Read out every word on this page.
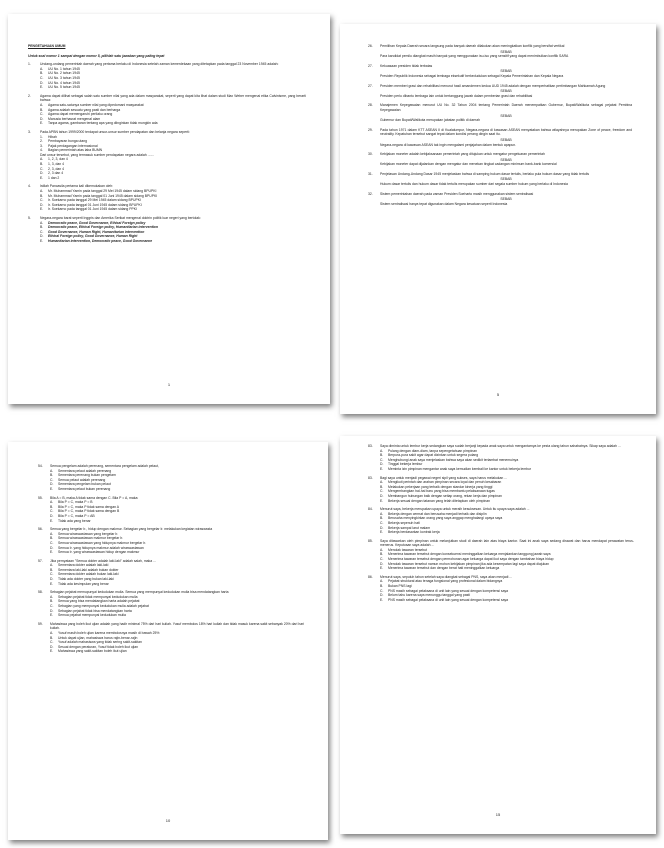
PENGETAHUAN UMUM
Untuk soal nomor 1 sampai dengan nomor 5, pilihlah satu jawaban yang paling tepat
1.	Undang-undang pemerintah daerah yang pertama berlaku di Indonesia setelah zaman kemerdekaan yang ditetapkan pada tanggal 23 November 1945 adalah:
A.	UU No. 1 tahun 1945
B.	UU No. 2 tahun 1945
C.	UU No. 3 tahun 1945
D.	UU No. 4 tahun 1945
E.	UU No. 5 tahun 1945
2.	Agama dapat dilihat sebagai salah satu sumber nilai yang ada dalam masyarakat, seperti yang dapat kita lihat dalam studi Max Weber mengenai etika Calvinisme, yang berarti bahwa:
A.	Agama satu-satunya sumber nilai yang dipedomani masyarakat
B.	Agama adalah sesuatu yang pasti dan berharga
C.	Agama dapat memengaruhi perilaku orang
D.	Manusia berhasrat mengenal alam
E.	Tanpa agama, gambaran tentang apa yang diinginkan tidak mungkin ada
3.	Pada APBN tahun 1999/2000 terdapat unsur-unsur sumber pendapatan dan belanja negara seperti:
1.	Hibah
2.	Pembayaran bunga utang
3.	Pajak perdagangan internasional
4.	Bagian pemerintah atas laba BUMN
Dari unsur tersebut, yang termasuk sumber pendapatan negara adalah .......
A.	1, 2, 3, dan 4
B.	1, 3, dan 4
C.	2, 3, dan 4
D.	2, 3 dan 4
E.	1 dan 2
4.	Istilah Pancasila pertama kali dikemukakan oleh:
A.	Mr. Muhammad Yamin pada tanggal 29 Mei 1945 dalam sidang BPUPKI
B.	Mr. Muhammad Yamin pada tanggal 01 Juni 1945 dalam sidang BPUPKI
C.	Ir. Soekarno pada tanggal 29 Mei 1945 dalam sidang BPUPKI
D.	Ir. Soekarno pada tanggal 01 Juni 1945 dalam sidang BPUPKI
E.	Ir. Soekarno pada tanggal 01 Juni 1945 dalam sidang PPKI
5.	Negara-negara barat seperti Inggris dan Amerika Serikat mengenal doktrin politik luar negeri yang bertolak:
A.	Democratic peace, Good Governance, Ethical Foreign policy
B.	Democratic peace, Ethical Foreign policy, Humanitarian intervention
C.	Good Governance, Human Right, Humanitarian intervention
D.	Ethical Foreign policy, Good Governance, Human Right
E.	Humanitarian intervention, Democratic peace, Good Governance
1
26.	Pemilihan Kepala Daerah secara langsung pada banyak daerah dilakukan akan meningkatkan konflik yang bersifat vertikal
SEBAB
Para kandidat pemilu diangkat masih banyak yang menggunakan isu-isu yang sensitif yang dapat menimbulkan konflik SARA
27.	Kekuasaan presiden tidak terbatas
SEBAB
Presiden Republik Indonesia sebagai lembaga eksekutif berkedudukan sebagai Kepala Pemerintahan dan Kepala Negara
27.	Presiden memberi grasi dan rehabilitasi menurut hasil amandemen kedua UUD 1945 adalah dengan memperhatikan pertimbangan Mahkamah Agung
SEBAB
Presiden perlu dibantu lembaga lain untuk bertanggung jawab dalam pemberian grasi dan rehabilitasi
28.	Manajemen Kepegawaian menurut UU No. 32 Tahun 2004 tentang Pemerintah Daerah menempatkan Gubernur, Bupati/Walikota sebagai pejabat Pembina Kepegawaian
SEBAB
Gubernur dan Bupati/Walikota merupakan jabatan politik di daerah
29.	Pada tahun 1971 dalam KTT ASEAN II di Kualalumpur, Negara-negara di kawasan ASEAN menyatakan bahwa wilayahnya merupakan Zone of peace, freedom and neutrality. Kepatuhan tersebut sangat tepat dalam kondisi perang dingin saat itu.
SEBAB
Negara-negara di kawasan ASEAN tak ingin mengalami penjajahan dalam bentuk apapun.
30.	Kebijakan moneter adalah kebijaksanaan pemerintah yang ditujukan untuk mengatur pengeluaran pemerintah
SEBAB
Kebijakan moneter dapat dijalankan dengan mengatur dan menekan tingkat cadangan minimum bank-bank komersial
31.	Penjelasan Undang-Undang Dasar 1945 menjelaskan bahwa di samping hukum dasar tertulis, berlaku pula hukum dasar yang tidak tertulis
SEBAB
Hukum dasar tertulis dan hukum dasar tidak tertulis merupakan sumber dari segala sumber hukum yang berlaku di Indonesia
32.	Sistem pemerintahan daerah pada zaman Presiden Soeharto masih menggunakan sistem sentralisasi
SEBAB
Sistem sentralisasi hanya tepat digunakan dalam Negara kesatuan seperti Indonesia
5
54.	Semua pengelam adalah perenang, sementara pengelam adalah pelaut,
A.	Sementara pelaut adalah perenang
B.	Sementara perenang bukan pengelam
C.	Semua pelaut adalah perenang
D.	Sementara pengelam bukan pelaut
E.	Sementara pelaut bukan perenang
55.	Bila A = B, maka A tidak sama dengan C. Bila P = A, maka:
A.	Bila P = C, maka P = B
B.	Bila P = C, maka P tidak sama dengan A
C.	Bila P = C, maka P tidak sama dengan B
D.	Bila P = C, maka P = AB
E.	Tidak ada yang benar
56.	Semua yang bergelar Ir., hidup dengan makmur. Sebagian yang bergelar Ir. melakukan kegiatan wiraswasta
A.	Semua wiraswastawan yang bergelar Ir.
B.	Semua wiraswastawan makmur bergelar Ir.
C.	Semua wiraswastawan yang hidupnya makmur bergelar Ir.
D.	Semua Ir. yang hidupnya makmur adalah wiraswastawan
E.	Semua Ir. yang wiraswastawan hidup dengan makmur
57.	Jika pernyataan "Semua dokter adalah laki-laki" adalah salah, maka ...
A.	Sementara dokter adalah laki-laki
B.	Sementara laki-laki adalah bukan dokter
C.	Sementara dokter adalah bukan laki-laki
D.	Tidak ada dokter yang bukan laki-laki
E.	Tidak ada kesimpulan yang benar
58.	Sebagian pejabat memupunyai kedudukan mulia. Semua yang mempunyai kedudukan mulia bisa mendatangkan harta
A.	Sebagian pejabat tidak mempunyai kedudukan mulia
B.	Semua yang bisa mendatangkan harta adalah pejabat
C.	Sebagian yang mempunyai kedudukan mulia adalah pejabat
D.	Sebagian pejabat tidak bisa mendatangkan harta
E.	Semua pejabat mempunyai kedudukan mulia
59.	Mahasiswa yang boleh ikut ujian adalah yang hadir minimal 75% dari hari kuliah. Yusuf membolos 18% hari kuliah dan tidak masuk karena sakit sebanyak 20% dari hari kuliah.
A.	Yusuf masih boleh ujian karena membolosnya masih di bawah 25%
B.	Untuk dapat ujian, mahasiswa harus rajin-benar-rajin
C.	Yusuf adalah mahasiswa yang tidak sering sakit-sakitan
D.	Sesuai dengan peraturan, Yusuf tidak boleh ikut ujian
E.	Mahasiswa yang sakit-sakitan boleh ikut ujian
10
83.	Saya diminta untuk lembur kerja sedangkan saya sudah berjanji kepada anak saya untuk mengantarnya ke pesta ulang tahun sahabatnya. Sikap saya adalah ...
A.	Pulang dengan diam-diam, tanpa sepengetahuan pimpinan
B.	Berpura-pura sakit agar dapat dizinkan untuk segera pulang
C.	Menghubungi anak saya menjelaskan bahwa saya akan sedikit terlambat menemuinya
D.	Tinggal bekerja lembur
E.	Meminta izin pimpinan mengantar anak saya kemudian kembali ke kantor untuk bekerja lembur
83.	Bagi saya untuk menjadi pegawai negeri sipil yang sukses, saya harus melakukan ...
A.	Mengikuti perintah dan arahan pimpinan secara loyal dan penuh kesabaran
B.	Melakukan pekerjaan yang terbaik dengan standar kinerja yang tinggi
C.	Mengembangkan hal-hal baru yang bisa membantu pelaksanaan tugas
D.	Membangun hubungan baik dengan setiap orang, rekan kerja dan pimpinan
E.	Bekerja sesuai dengan tatanan yang telah ditetapkan oleh pimpinan
84.	Menurut saya, bekerja merupakan upaya untuk meraih kesuksesan. Untuk itu upaya saya adalah ...
A.	Bekerja dengan cermat dan berusaha menjadi terbaik dan disiplin
B.	Berusaha menyingkirkan orang yang saya anggap menghalangi upaya saya
C.	Bekerja sepenuh hati
D.	Bekerja sampai larut malam
E.	Bekerja berdasarkan kontrak kerja
85.	Saya ditawarkan oleh pimpinan untuk melanjutkan studi di daerah lain atas biaya kantor. Saat ini anak saya sedang dirawat dan harus mendapat perawatan terus-menerus. Keputusan saya adalah ...
A.	Menolak tawaran tersebut
B.	Menerima tawaran tersebut dengan konsekuensi meninggalkan keluarga menjalankan tanggung jawab saya
C.	Menerima tawaran tersebut dengan permohonan agar keluarga dapat ikut saya dengan tambahan biaya hidup
D.	Menolak tawaran tersebut namun mohon kebijakan pimpinan jika ada kesempatan lagi saya dapat diajukan
E.	Menerima tawaran tersebut dan dengan berat hati meninggalkan keluarga
86.	Menurut saya, sepuluh tahun setelah saya diangkat sebagai PNS, saya akan menjadi ...
A.	Pejabat struktural atau tenaga fungsional yang profesional dalam bidangnya
B.	Bukan PNS lagi
C.	PNS masih sebagai pelaksana di unit lain yang sesuai dengan kompetensi saya
D.	Belum tahu karena saya menunggu tanggal yang pasti
E.	PNS masih sebagai pelaksana di unit lain yang sesuai dengan kompetensi saya
15
